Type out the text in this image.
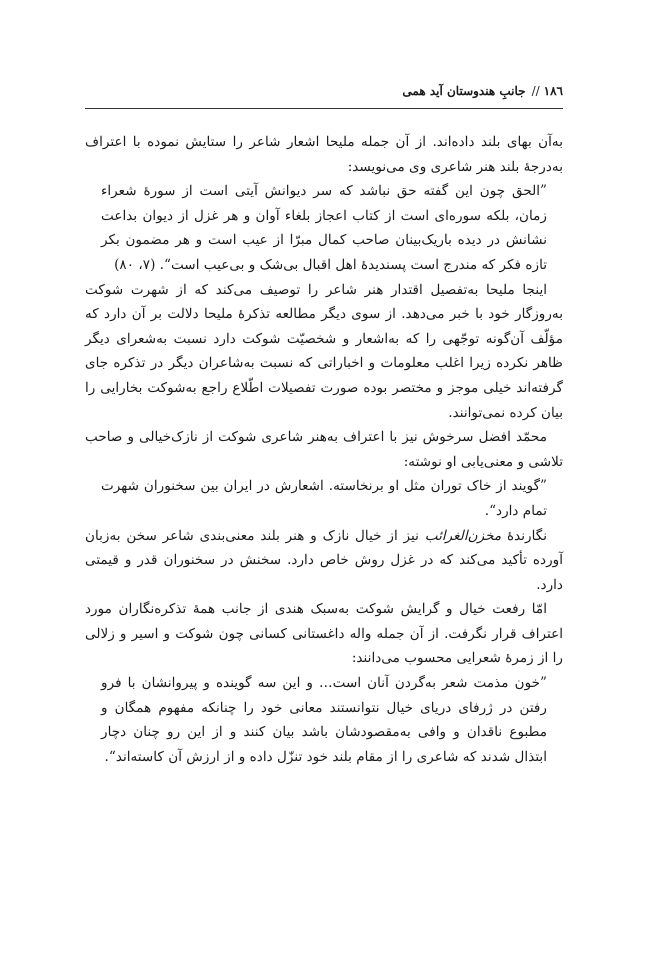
١٨٦
//
جانبِ هندوستان آید همی

به‌آن بهای بلند داده‌اند. از آن جمله ملیحا اشعار شاعر را ستایش نموده با اعتراف به‌درجۀ بلند هنر شاعری وی می‌نویسد:

”الحق چون این گفته حق نباشد که سر دیوانش آیتی است از سورۀ شعراء زمان، بلکه سوره‌ای است از کتاب اعجاز بلغاء آوان و هر غزل از دیوان بداعت نشانش در دیده باریک‌بینان صاحب کمال مبرّا از عیب است و هر مضمون بکر تازه فکر که مندرج است پسندیدۀ اهل اقبال بی‌شک و بی‌عیب است“. (٧، ٨٠)

اینجا ملیحا به‌تفصیل اقتدار هنر شاعر را توصیف می‌کند که از شهرت شوکت به‌روزگار خود با خبر می‌دهد. از سوی دیگر مطالعه تذکرۀ ملیحا دلالت بر آن دارد که مؤلّف آن‌گونه توجّهی را که به‌اشعار و شخصیّت شوکت دارد نسبت به‌شعرای دیگر ظاهر نکرده زیرا اغلب معلومات و اخباراتی که نسبت به‌شاعران دیگر در تذکره جای گرفته‌اند خیلی موجز و مختصر بوده صورت تفصیلات اطّلاع راجع به‌شوکت بخارایی را بیان کرده نمی‌توانند.

محمّد افضل سرخوش نیز با اعتراف به‌هنر شاعری شوکت از نازک‌خیالی و صاحب تلاشی و معنی‌یابی او نوشته:

”گویند از خاک توران مثل او برنخاسته. اشعارش در ایران بین سخنوران شهرت تمام دارد“.

نگارندۀ مخزن‌الغرائب نیز از خیال نازک و هنر بلند معنی‌بندی شاعر سخن به‌زبان آورده تأکید می‌کند که در غزل روش خاص دارد. سخنش در سخنوران قدر و قیمتی دارد.

امّا رفعت خیال و گرایش شوکت به‌سبک هندی از جانب همۀ تذکره‌نگاران مورد اعتراف قرار نگرفت. از آن جمله واله داغستانی کسانی چون شوکت و اسیر و زلالی را از زمرۀ شعرایی محسوب می‌دانند:

”خون مذمت شعر به‌گردن آنان است… و این سه گوینده و پیروانشان با فرو رفتن در ژرفای دریای خیال نتوانستند معانی خود را چنانکه مفهوم همگان و مطبوع ناقدان و وافی به‌مقصودشان باشد بیان کنند و از این رو چنان دچار ابتذال شدند که شاعری را از مقام بلند خود تنزّل داده و از ارزش آن کاسته‌اند“.
